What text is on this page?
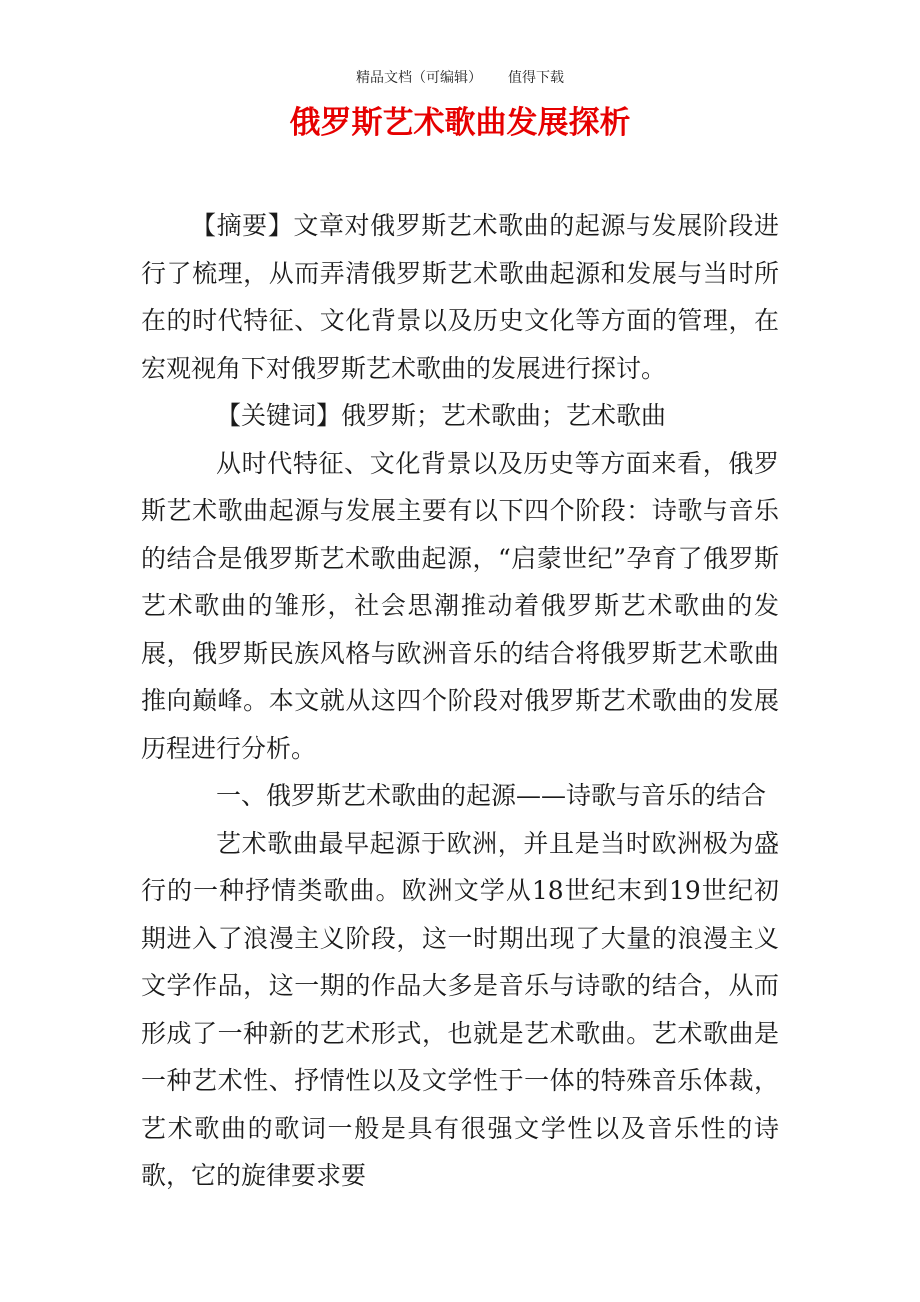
精品文档（可编辑） 值得下载
俄罗斯艺术歌曲发展探析

【摘要】文章对俄罗斯艺术歌曲的起源与发展阶段进行了梳理，从而弄清俄罗斯艺术歌曲起源和发展与当时所在的时代特征、文化背景以及历史文化等方面的管理，在宏观视角下对俄罗斯艺术歌曲的发展进行探讨。

【关键词】俄罗斯；艺术歌曲；艺术歌曲

从时代特征、文化背景以及历史等方面来看，俄罗斯艺术歌曲起源与发展主要有以下四个阶段：诗歌与音乐的结合是俄罗斯艺术歌曲起源，“启蒙世纪”孕育了俄罗斯艺术歌曲的雏形，社会思潮推动着俄罗斯艺术歌曲的发展，俄罗斯民族风格与欧洲音乐的结合将俄罗斯艺术歌曲推向巅峰。本文就从这四个阶段对俄罗斯艺术歌曲的发展历程进行分析。

一、俄罗斯艺术歌曲的起源——诗歌与音乐的结合

艺术歌曲最早起源于欧洲，并且是当时欧洲极为盛行的一种抒情类歌曲。欧洲文学从18世纪末到19世纪初期进入了浪漫主义阶段，这一时期出现了大量的浪漫主义文学作品，这一期的作品大多是音乐与诗歌的结合，从而形成了一种新的艺术形式，也就是艺术歌曲。艺术歌曲是一种艺术性、抒情性以及文学性于一体的特殊音乐体裁，艺术歌曲的歌词一般是具有很强文学性以及音乐性的诗歌，它的旋律要求要
